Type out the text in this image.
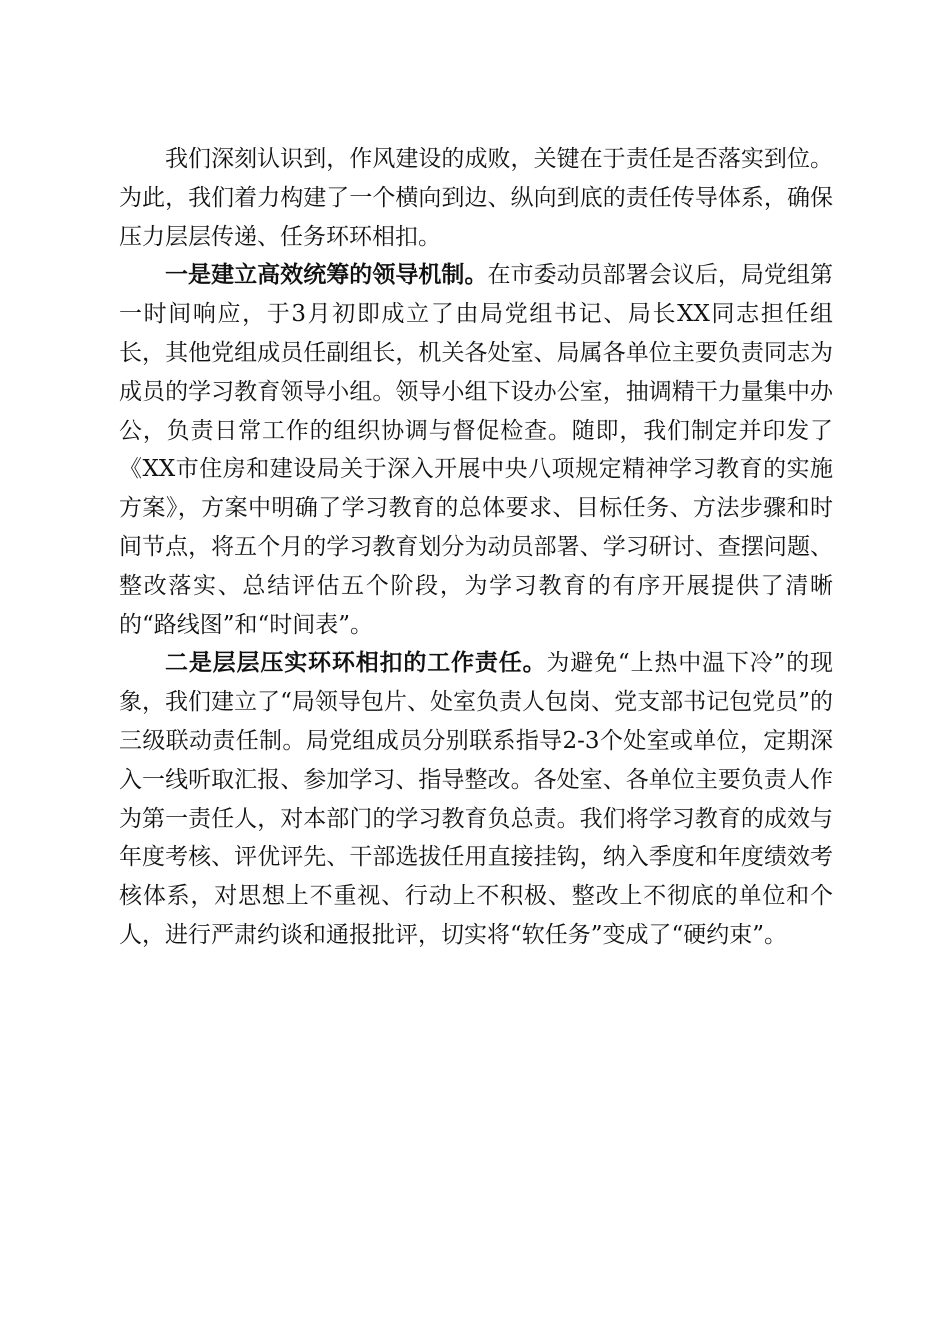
我们深刻认识到，作风建设的成败，关键在于责任是否落实到位。为此，我们着力构建了一个横向到边、纵向到底的责任传导体系，确保压力层层传递、任务环环相扣。

一是建立高效统筹的领导机制。在市委动员部署会议后，局党组第一时间响应，于3月初即成立了由局党组书记、局长XX同志担任组长，其他党组成员任副组长，机关各处室、局属各单位主要负责同志为成员的学习教育领导小组。领导小组下设办公室，抽调精干力量集中办公，负责日常工作的组织协调与督促检查。随即，我们制定并印发了《XX市住房和建设局关于深入开展中央八项规定精神学习教育的实施方案》，方案中明确了学习教育的总体要求、目标任务、方法步骤和时间节点，将五个月的学习教育划分为动员部署、学习研讨、查摆问题、整改落实、总结评估五个阶段，为学习教育的有序开展提供了清晰的“路线图”和“时间表”。

二是层层压实环环相扣的工作责任。为避免“上热中温下冷”的现象，我们建立了“局领导包片、处室负责人包岗、党支部书记包党员”的三级联动责任制。局党组成员分别联系指导2-3个处室或单位，定期深入一线听取汇报、参加学习、指导整改。各处室、各单位主要负责人作为第一责任人，对本部门的学习教育负总责。我们将学习教育的成效与年度考核、评优评先、干部选拔任用直接挂钩，纳入季度和年度绩效考核体系，对思想上不重视、行动上不积极、整改上不彻底的单位和个人，进行严肃约谈和通报批评，切实将“软任务”变成了“硬约束”。
